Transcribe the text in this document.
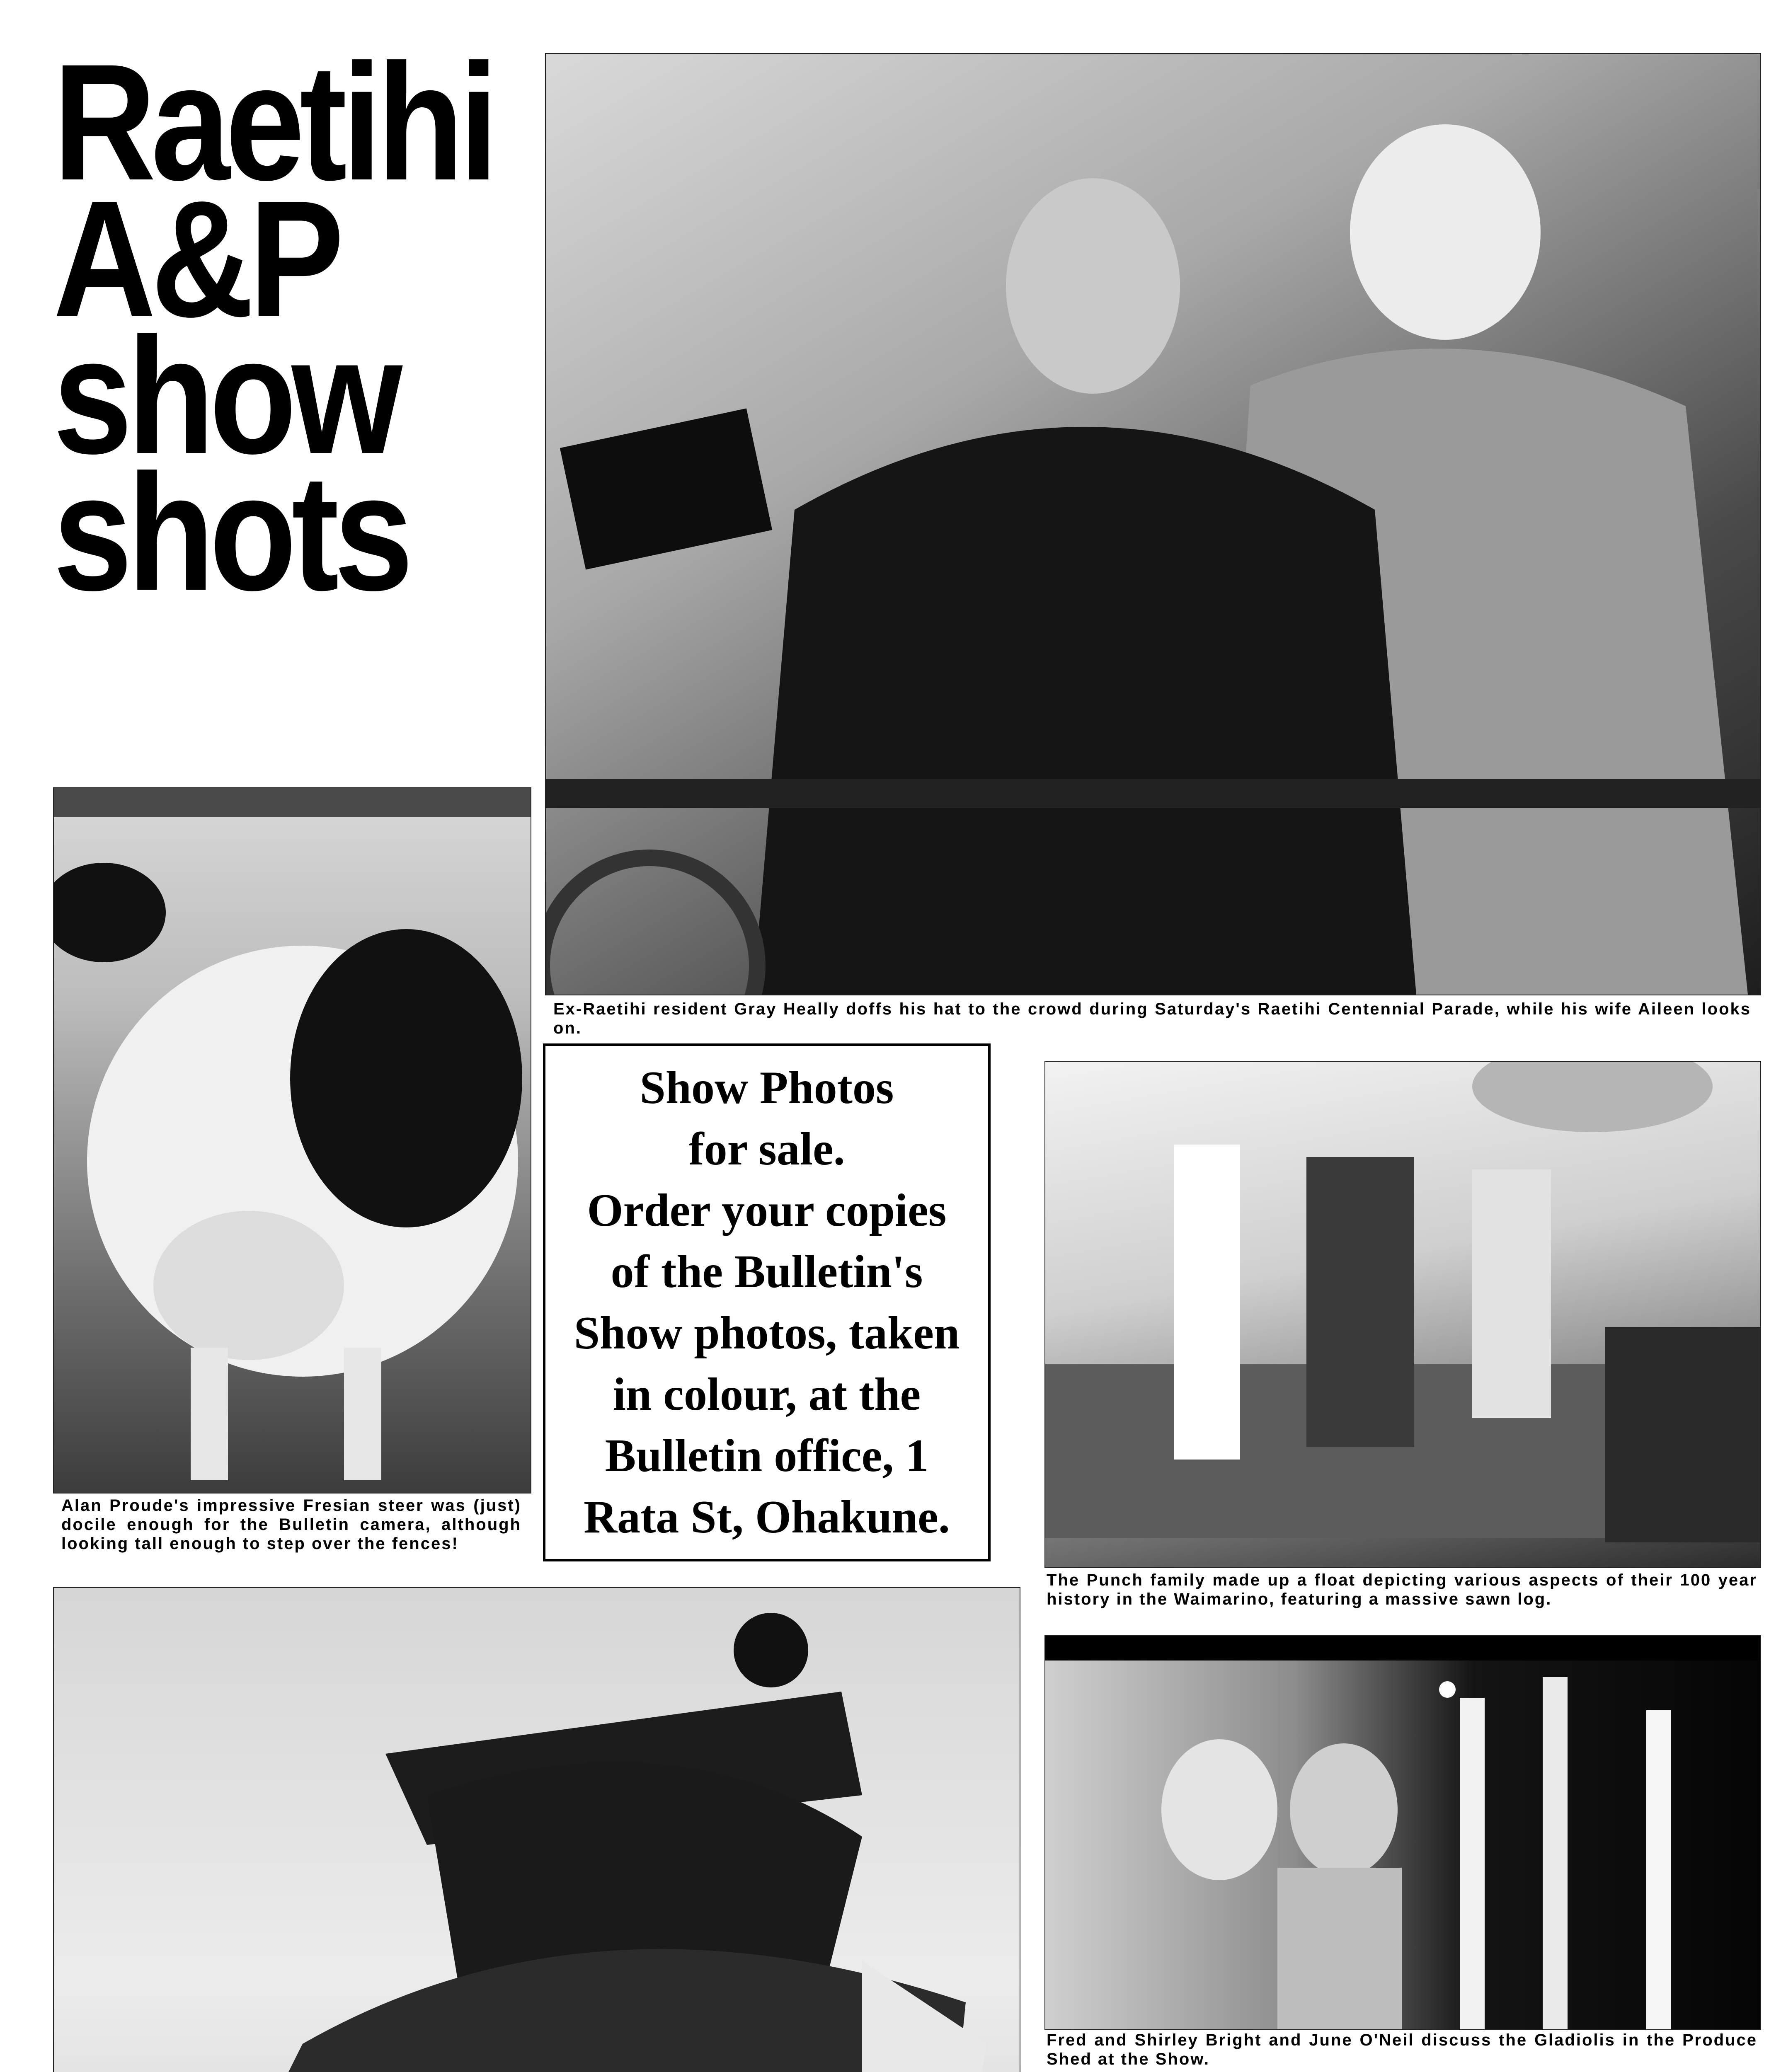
Raetihi
A&P
show
shots
Ex-Raetihi resident Gray Heally doffs his hat to the crowd during Saturday's Raetihi Centennial Parade, while his wife Aileen looks on.
Alan Proude's impressive Fresian steer was (just) docile enough for the Bulletin camera, although looking tall enough to step over the fences!
Show Photos
for sale.
Order your copies
of the Bulletin's
Show photos, taken
in colour, at the
Bulletin office, 1
Rata St, Ohakune.
The Punch family made up a float depicting various aspects of their 100 year history in the Waimarino, featuring a massive sawn log.
Fred and Shirley Bright and June O'Neil discuss the Gladiolis in the Produce Shed at the Show.
